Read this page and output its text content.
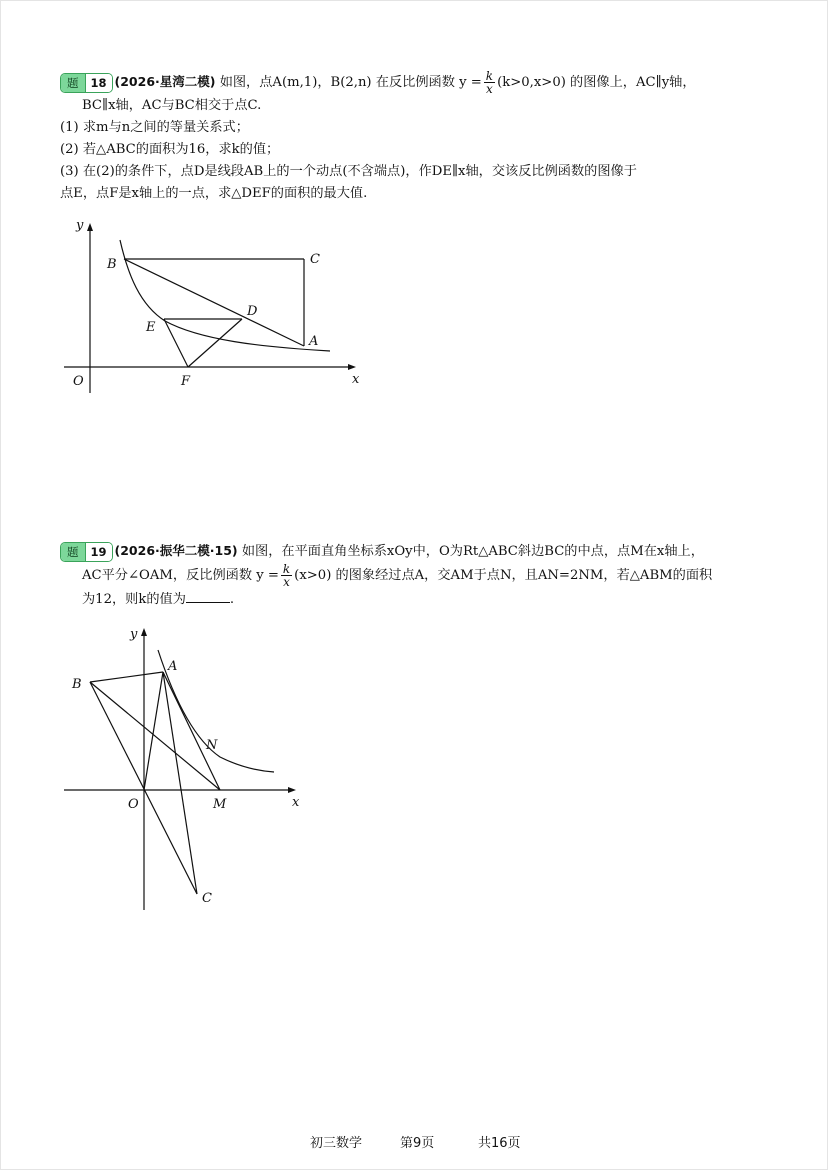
题	18 (2026·星湾二模) 如图，点A(m,1)，B(2,n) 在反比例函数 $y = \frac{k}{x} (k>0,x>0)$ 的图像上，AC∥y轴，
BC∥x轴，AC与BC相交于点C.
(1) 求m与n之间的等量关系式；
(2) 若△ABC的面积为16，求k的值；
(3) 在(2)的条件下，点D是线段AB上的一个动点(不含端点)，作DE∥x轴，交该反比例函数的图像于
点E，点F是x轴上的一点，求△DEF的面积的最大值.
y
x
O
B	C
D
E
A
F
题	19 (2026·振华二模·15) 如图，在平面直角坐标系xOy中，O为Rt△ABC斜边BC的中点，点M在x轴上，
AC平分∠OAM，反比例函数 $y = \frac{k}{x} (x>0)$ 的图象经过点A，交AM于点N，且AN=2NM，若△ABM的面积
为12，则k的值为	.
y
x
O
A
B
N
M
C
初三数学	第9页	共16页
